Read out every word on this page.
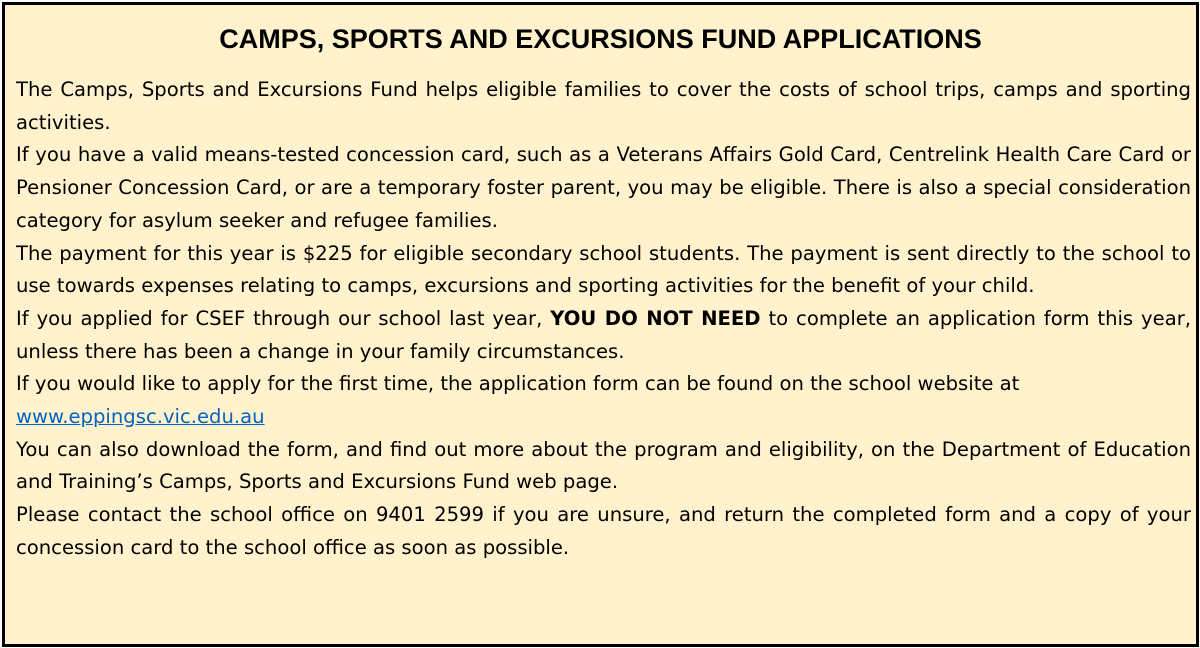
CAMPS, SPORTS AND EXCURSIONS FUND APPLICATIONS

The Camps, Sports and Excursions Fund helps eligible families to cover the costs of school trips, camps and sporting activities.

If you have a valid means-tested concession card, such as a Veterans Affairs Gold Card, Centrelink Health Care Card or Pensioner Concession Card, or are a temporary foster parent, you may be eligible. There is also a special consideration category for asylum seeker and refugee families.

The payment for this year is $225 for eligible secondary school students. The payment is sent directly to the school to use towards expenses relating to camps, excursions and sporting activities for the benefit of your child.

If you applied for CSEF through our school last year, YOU DO NOT NEED to complete an application form this year, unless there has been a change in your family circumstances.

If you would like to apply for the first time, the application form can be found on the school website at

www.eppingsc.vic.edu.au

You can also download the form, and find out more about the program and eligibility, on the Department of Education and Training’s Camps, Sports and Excursions Fund web page.

Please contact the school office on 9401 2599 if you are unsure, and return the completed form and a copy of your concession card to the school office as soon as possible.
